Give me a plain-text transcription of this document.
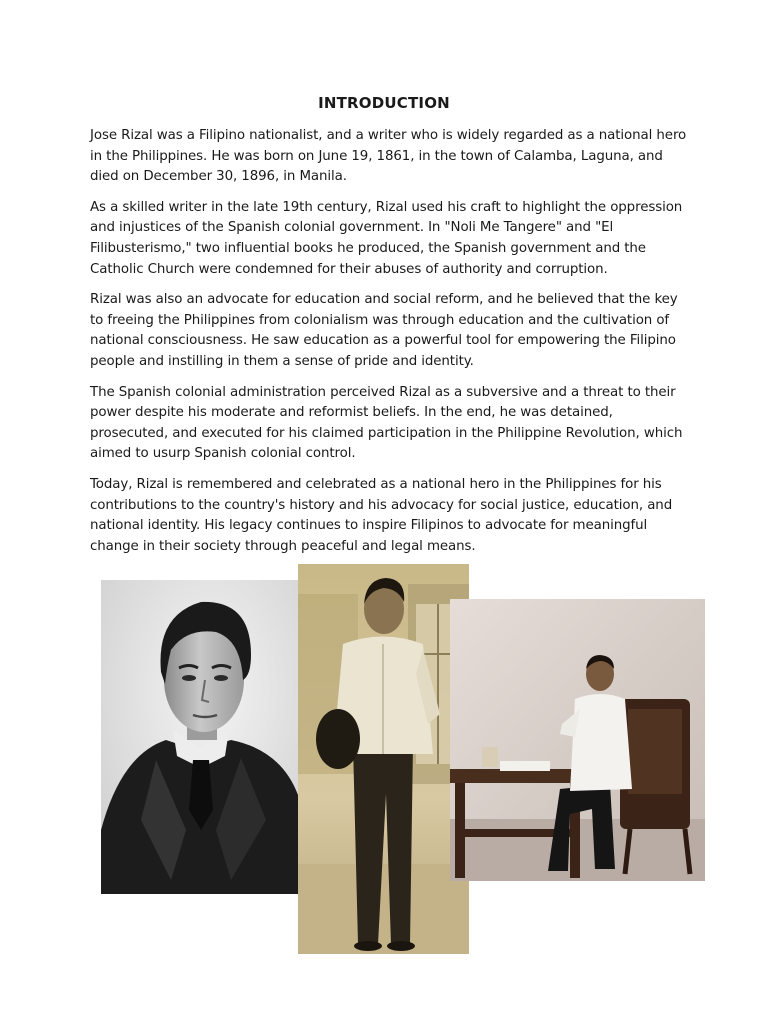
INTRODUCTION

Jose Rizal was a Filipino nationalist, and a writer who is widely regarded as a national hero in the Philippines. He was born on June 19, 1861, in the town of Calamba, Laguna, and died on December 30, 1896, in Manila.

As a skilled writer in the late 19th century, Rizal used his craft to highlight the oppression and injustices of the Spanish colonial government. In "Noli Me Tangere" and "El Filibusterismo," two influential books he produced, the Spanish government and the Catholic Church were condemned for their abuses of authority and corruption.

Rizal was also an advocate for education and social reform, and he believed that the key to freeing the Philippines from colonialism was through education and the cultivation of national consciousness. He saw education as a powerful tool for empowering the Filipino people and instilling in them a sense of pride and identity.

The Spanish colonial administration perceived Rizal as a subversive and a threat to their power despite his moderate and reformist beliefs. In the end, he was detained, prosecuted, and executed for his claimed participation in the Philippine Revolution, which aimed to usurp Spanish colonial control.

Today, Rizal is remembered and celebrated as a national hero in the Philippines for his contributions to the country's history and his advocacy for social justice, education, and national identity. His legacy continues to inspire Filipinos to advocate for meaningful change in their society through peaceful and legal means.
